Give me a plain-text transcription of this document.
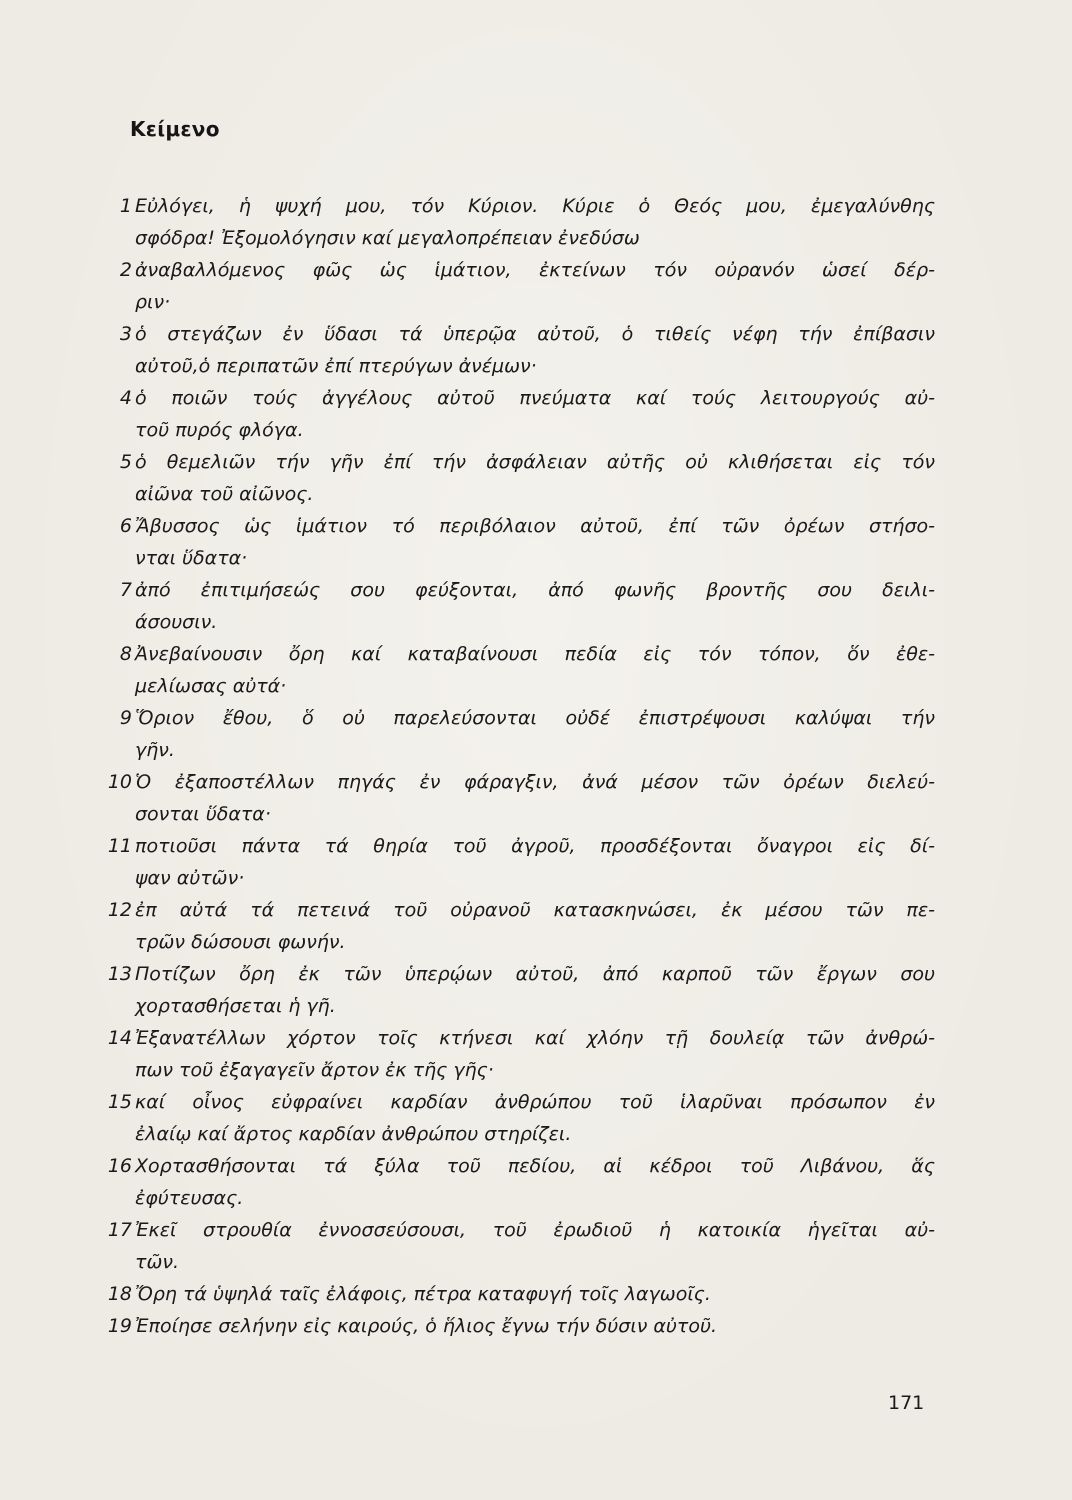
Κείμενο
1 Εὐλόγει, ἡ ψυχή μου, τόν Κύριον. Κύριε ὁ Θεός μου, ἐμεγαλύνθης
σφόδρα! Ἐξομολόγησιν καί μεγαλοπρέπειαν ἐνεδύσω
2 ἀναβαλλόμενος φῶς ὡς ἱμάτιον, ἐκτείνων τόν οὐρανόν ὡσεί δέρ-
ριν·
3 ὁ στεγάζων ἐν ὕδασι τά ὑπερῷα αὐτοῦ, ὁ τιθείς νέφη τήν ἐπίβασιν
αὐτοῦ,ὁ περιπατῶν ἐπί πτερύγων ἀνέμων·
4 ὁ ποιῶν τούς ἀγγέλους αὐτοῦ πνεύματα καί τούς λειτουργούς αὐ-
τοῦ πυρός φλόγα.
5 ὁ θεμελιῶν τήν γῆν ἐπί τήν ἀσφάλειαν αὐτῆς οὐ κλιθήσεται εἰς τόν
αἰῶνα τοῦ αἰῶνος.
6 Ἄβυσσος ὡς ἱμάτιον τό περιβόλαιον αὐτοῦ, ἐπί τῶν ὀρέων στήσο-
νται ὕδατα·
7 ἀπό ἐπιτιμήσεώς σου φεύξονται, ἀπό φωνῆς βροντῆς σου δειλι-
άσουσιν.
8 Ἀνεβαίνουσιν ὄρη καί καταβαίνουσι πεδία εἰς τόν τόπον, ὅν ἐθε-
μελίωσας αὐτά·
9 Ὅριον ἔθου, ὅ οὐ παρελεύσονται οὐδέ ἐπιστρέψουσι καλύψαι τήν
γῆν.
10 Ὁ ἐξαποστέλλων πηγάς ἐν φάραγξιν, ἀνά μέσον τῶν ὀρέων διελεύ-
σονται ὕδατα·
11 ποτιοῦσι πάντα τά θηρία τοῦ ἀγροῦ, προσδέξονται ὄναγροι εἰς δί-
ψαν αὐτῶν·
12 ἐπ αὐτά τά πετεινά τοῦ οὐρανοῦ κατασκηνώσει, ἐκ μέσου τῶν πε-
τρῶν δώσουσι φωνήν.
13 Ποτίζων ὄρη ἐκ τῶν ὑπερῴων αὐτοῦ, ἀπό καρποῦ τῶν ἔργων σου
χορτασθήσεται ἡ γῆ.
14 Ἐξανατέλλων χόρτον τοῖς κτήνεσι καί χλόην τῇ δουλείᾳ τῶν ἀνθρώ-
πων τοῦ ἐξαγαγεῖν ἄρτον ἐκ τῆς γῆς·
15 καί οἶνος εὐφραίνει καρδίαν ἀνθρώπου τοῦ ἱλαρῦναι πρόσωπον ἐν
ἐλαίῳ καί ἄρτος καρδίαν ἀνθρώπου στηρίζει.
16 Χορτασθήσονται τά ξύλα τοῦ πεδίου, αἱ κέδροι τοῦ Λιβάνου, ἅς
ἐφύτευσας.
17 Ἐκεῖ στρουθία ἐννοσσεύσουσι, τοῦ ἐρωδιοῦ ἡ κατοικία ἡγεῖται αὐ-
τῶν.
18 Ὄρη τά ὑψηλά ταῖς ἐλάφοις, πέτρα καταφυγή τοῖς λαγωοῖς.
19 Ἐποίησε σελήνην εἰς καιρούς, ὁ ἥλιος ἔγνω τήν δύσιν αὐτοῦ.
171
